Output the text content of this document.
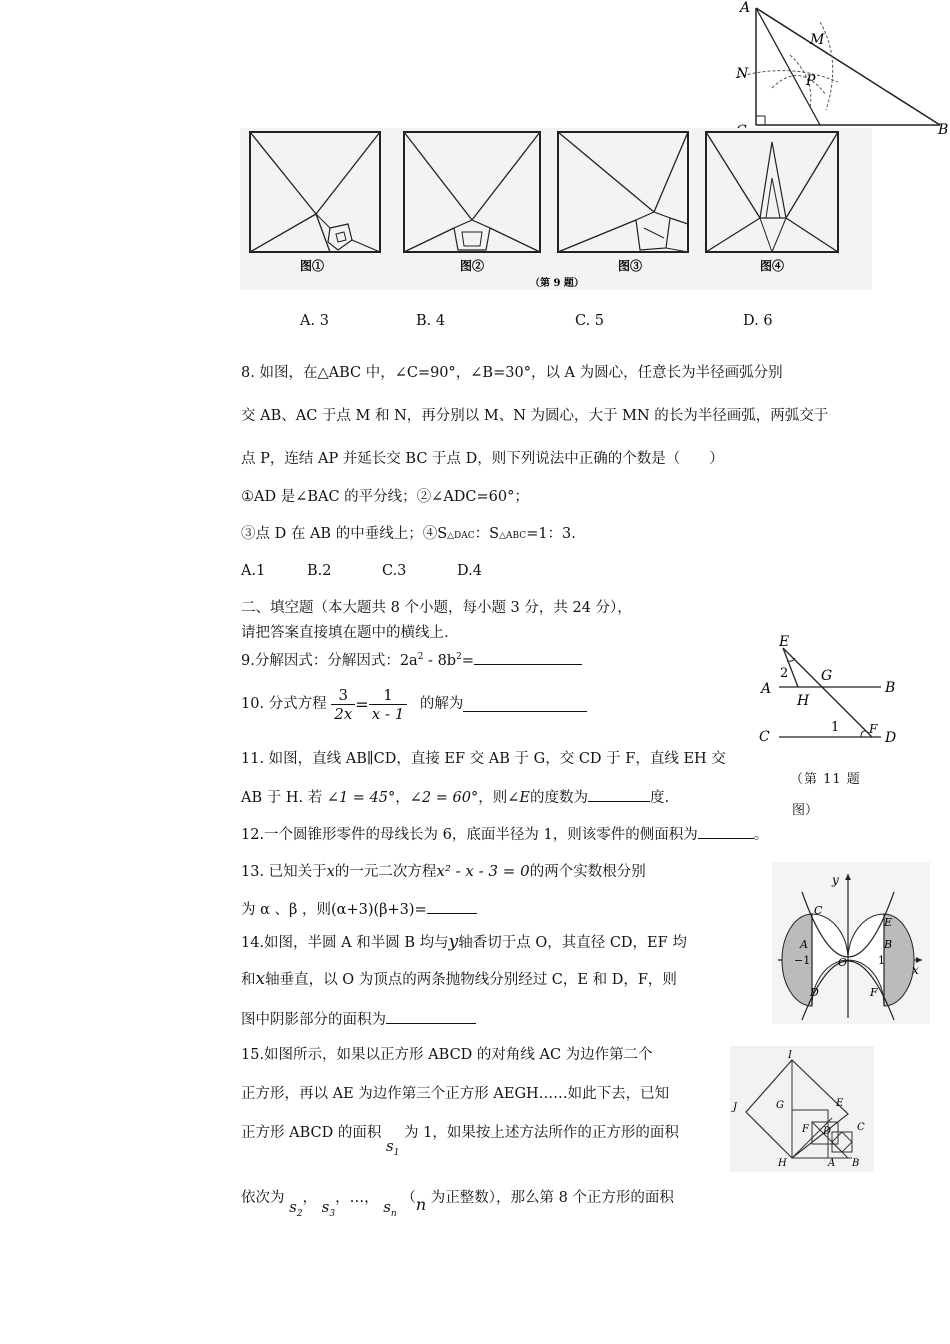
A
M
N	P
B
图①	图②	图③	图④
（第 9 题）
A. 3	B. 4	C. 5	D. 6
8. 如图，在△ABC 中，∠C=90°，∠B=30°，以 A 为圆心，任意长为半径画弧分别
交 AB、AC 于点 M 和 N，再分别以 M、N 为圆心，大于 MN 的长为半径画弧，两弧交于
点 P，连结 AP 并延长交 BC 于点 D，则下列说法中正确的个数是（　　）
①AD 是∠BAC 的平分线；②∠ADC=60°；
③点 D 在 AB 的中垂线上；④S△DAC：S△ABC=1：3.
A.1	B.2	C.3	D.4
二、填空题（本大题共 8 个小题，每小题 3 分，共 24 分），
请把答案直接填在题中的横线上.
9.分解因式：分解因式：$2a^2 - 8b^2=$
10. 分式方程 $\frac{3}{2x} = \frac{1}{x - 1}$ 的解为
11. 如图，直线 AB∥CD，直接 EF 交 AB 于 G，交 CD 于 F，直线 EH 交
AB 于 H. 若 ∠1 = 45°，∠2 = 60°，则∠E的度数为	度.
（第 11 题
图）
E
2 G
A
H
B
C
1 F
D
12.一个圆锥形零件的母线长为 6，底面半径为 1，则该零件的侧面积为	。
13. 已知关于x的一元二次方程x² - x - 3 = 0的两个实数根分别
为 α 、β ，则(α+3)(β+3)=
y
x
C
E
A	B
−1	O	1
D	F
14.如图，半圆 A 和半圆 B 均与y轴香切于点 O，其直径 CD，EF 均
和x轴垂直，以 O 为顶点的两条抛物线分别经过 C，E 和 D，F，则
图中阴影部分的面积为
I
J	G	E
F D	C
H	A B
15.如图所示，如果以正方形 ABCD 的对角线 AC 为边作第二个
正方形，再以 AE 为边作第三个正方形 AEGH……如此下去，已知
正方形 ABCD 的面积 $s_1$ 为 1，如果按上述方法所作的正方形的面积
依次为 $s_2$， $s_3$，…， $s_n$ （n 为正整数），那么第 8 个正方形的面积
